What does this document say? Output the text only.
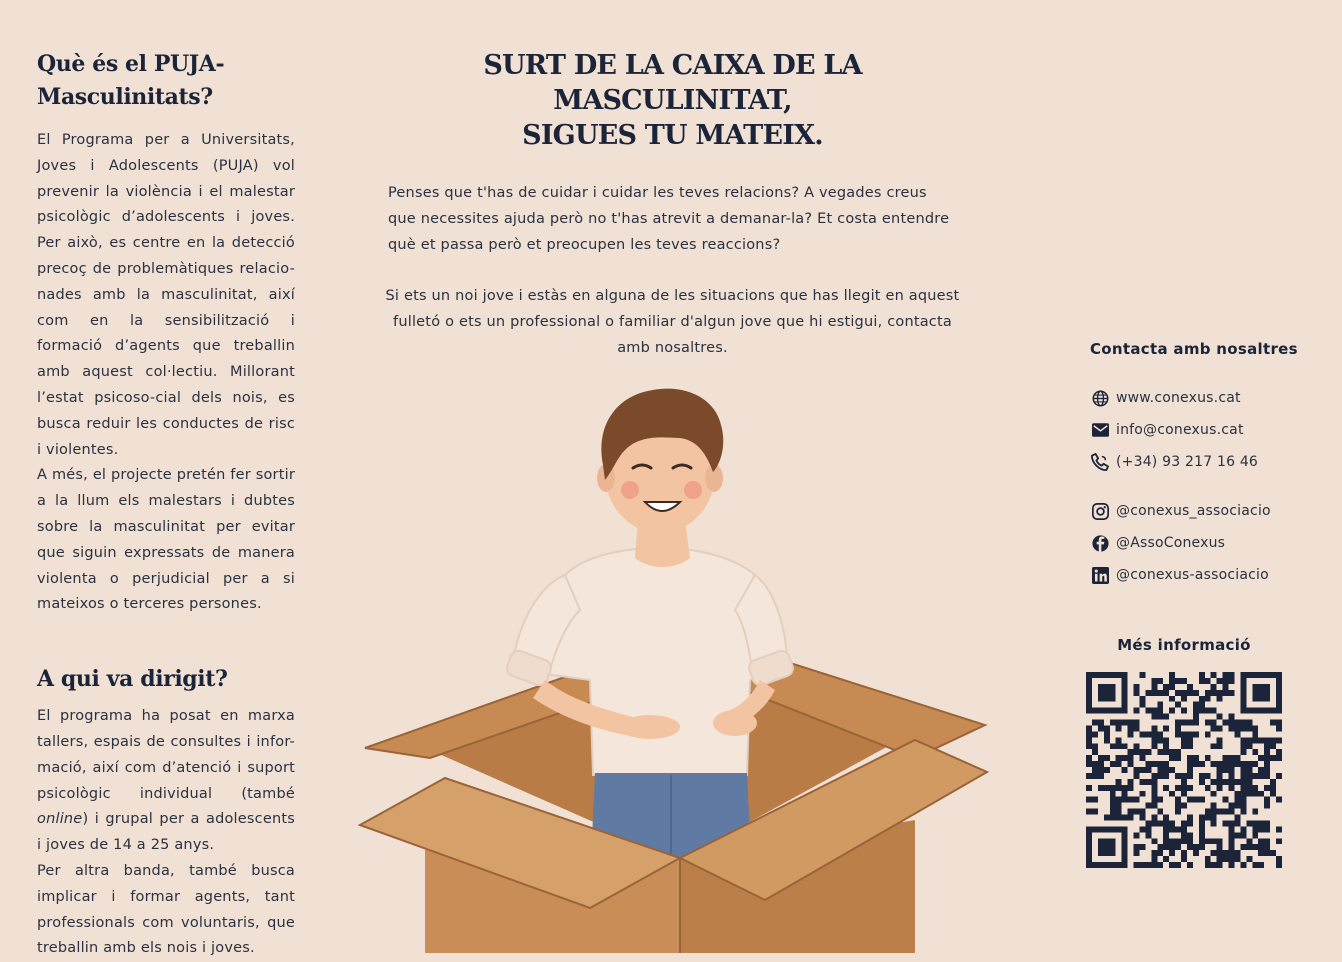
Què és el PUJA-Masculinitats?

El Programa per a Universitats, Joves i Adolescents (PUJA) vol prevenir la violència i el malestar psicològic d’adolescents i joves. Per això, es centre en la detecció precoç de problemàtiques relacio-nades amb la masculinitat, així com en la sensibilització i formació d’agents que treballin amb aquest col·lectiu. Millorant l’estat psicoso-cial dels nois, es busca reduir les conductes de risc i violentes.

A més, el projecte pretén fer sortir a la llum els malestars i dubtes sobre la masculinitat per evitar que siguin expressats de manera violenta o perjudicial per a si mateixos o terceres persones.

A qui va dirigit?

El programa ha posat en marxa tallers, espais de consultes i infor-mació, així com d’atenció i suport psicològic individual (també online) i grupal per a adolescents i joves de 14 a 25 anys.

Per altra banda, també busca implicar i formar agents, tant professionals com voluntaris, que treballin amb els nois i joves.

SURT DE LA CAIXA DE LA MASCULINITAT,
SIGUES TU MATEIX.

Penses que t'has de cuidar i cuidar les teves relacions? A vegades creus que necessites ajuda però no t'has atrevit a demanar-la? Et costa entendre què et passa però et preocupen les teves reaccions?

Si ets un noi jove i estàs en alguna de les situacions que has llegit en aquest fulletó o ets un professional o familiar d'algun jove que hi estigui, contacta amb nosaltres.	Contacta amb nosaltres
www.conexus.cat
info@conexus.cat
(+34) 93 217 16 46
@conexus_associacio
@AssoConexus
@conexus-associacio
Més informació
